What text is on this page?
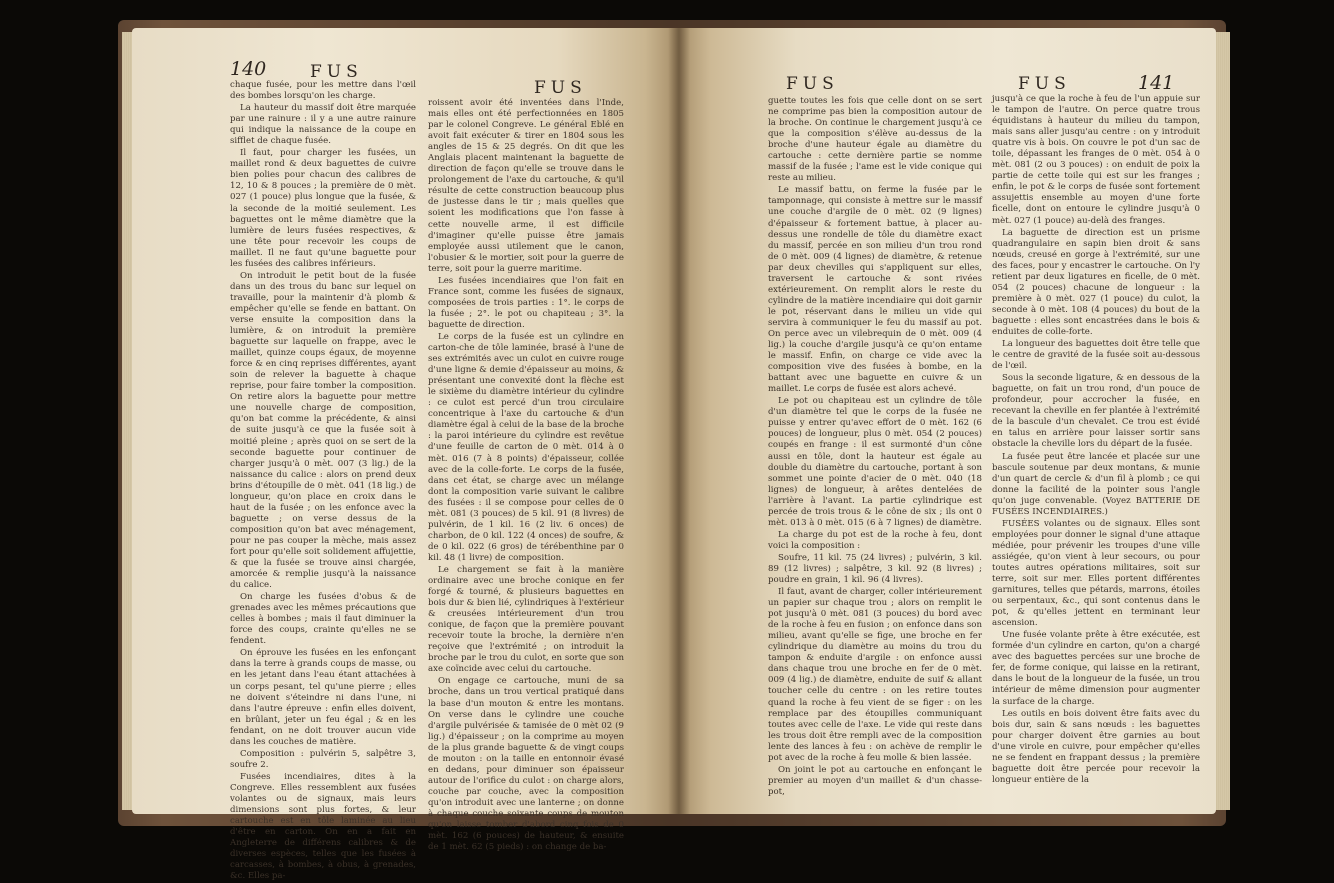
140	FUS
FUS

chaque fusée, pour les mettre dans l'œil des bombes lorsqu'on les charge.

La hauteur du massif doit être marquée par une rainure : il y a une autre rainure qui indique la naissance de la coupe en sifflet de chaque fusée.

Il faut, pour charger les fusées, un maillet rond & deux baguettes de cuivre bien polies pour chacun des calibres de 12, 10 & 8 pouces ; la première de 0 mèt. 027 (1 pouce) plus longue que la fusée, & la seconde de la moitié seulement. Les baguettes ont le même diamètre que la lumière de leurs fusées respectives, & une tête pour recevoir les coups de maillet. Il ne faut qu'une baguette pour les fusées des calibres inférieurs.

On introduit le petit bout de la fusée dans un des trous du banc sur lequel on travaille, pour la maintenir d'à plomb & empêcher qu'elle se fende en battant. On verse ensuite la composition dans la lumière, & on introduit la première baguette sur laquelle on frappe, avec le maillet, quinze coups égaux, de moyenne force & en cinq reprises différentes, ayant soin de relever la baguette à chaque reprise, pour faire tomber la composition. On retire alors la baguette pour mettre une nouvelle charge de composition, qu'on bat comme la précédente, & ainsi de suite jusqu'à ce que la fusée soit à moitié pleine ; après quoi on se sert de la seconde baguette pour continuer de charger jusqu'à 0 mèt. 007 (3 lig.) de la naissance du calice : alors on prend deux brins d'étoupille de 0 mèt. 041 (18 lig.) de longueur, qu'on place en croix dans le haut de la fusée ; on les enfonce avec la baguette ; on verse dessus de la composition qu'on bat avec ménagement, pour ne pas couper la mèche, mais assez fort pour qu'elle soit solidement affujettie, & que la fusée se trouve ainsi chargée, amorcée & remplie jusqu'à la naissance du calice.

On charge les fusées d'obus & de grenades avec les mêmes précautions que celles à bombes ; mais il faut diminuer la force des coups, crainte qu'elles ne se fendent.

On éprouve les fusées en les enfonçant dans la terre à grands coups de masse, ou en les jetant dans l'eau étant attachées à un corps pesant, tel qu'une pierre ; elles ne doivent s'éteindre ni dans l'une, ni dans l'autre épreuve : enfin elles doivent, en brûlant, jeter un feu égal ; & en les fendant, on ne doit trouver aucun vide dans les couches de matière.

Composition : pulvérin 5, salpêtre 3, soufre 2.

Fusées incendiaires, dites à la Congreve. Elles ressemblent aux fusées volantes ou de signaux, mais leurs dimensions sont plus fortes, & leur cartouche est en tôle laminée au lieu d'être en carton. On en a fait en Angleterre de différens calibres & de diverses espèces, telles que les fusées à carcasses, à bombes, à obus, à grenades, &c. Elles pa-

roissent avoir été inventées dans l'Inde, mais elles ont été perfectionnées en 1805 par le colonel Congreve. Le général Eblé en avoit fait exécuter & tirer en 1804 sous les angles de 15 & 25 degrés. On dit que les Anglais placent maintenant la baguette de direction de façon qu'elle se trouve dans le prolongement de l'axe du cartouche, & qu'il résulte de cette construction beaucoup plus de justesse dans le tir ; mais quelles que soient les modifications que l'on fasse à cette nouvelle arme, il est difficile d'imaginer qu'elle puisse être jamais employée aussi utilement que le canon, l'obusier & le mortier, soit pour la guerre de terre, soit pour la guerre maritime.

Les fusées incendiaires que l'on fait en France sont, comme les fusées de signaux, composées de trois parties : 1°. le corps de la fusée ; 2°. le pot ou chapiteau ; 3°. la baguette de direction.

Le corps de la fusée est un cylindre en carton-che de tôle laminée, brasé à l'une de ses extrémités avec un culot en cuivre rouge d'une ligne & demie d'épaisseur au moins, & présentant une convexité dont la flèche est le sixième du diamètre intérieur du cylindre : ce culot est percé d'un trou circulaire concentrique à l'axe du cartouche & d'un diamètre égal à celui de la base de la broche : la paroi intérieure du cylindre est revêtue d'une feuille de carton de 0 mèt. 014 à 0 mèt. 016 (7 à 8 points) d'épaisseur, collée avec de la colle-forte. Le corps de la fusée, dans cet état, se charge avec un mélange dont la composition varie suivant le calibre des fusées : il se compose pour celles de 0 mèt. 081 (3 pouces) de 5 kil. 91 (8 livres) de pulvérin, de 1 kil. 16 (2 liv. 6 onces) de charbon, de 0 kil. 122 (4 onces) de soufre, & de 0 kil. 022 (6 gros) de térébenthine par 0 kil. 48 (1 livre) de composition.

Le chargement se fait à la manière ordinaire avec une broche conique en fer forgé & tourné, & plusieurs baguettes en bois dur & bien lié, cylindriques à l'extérieur & creusées intérieurement d'un trou conique, de façon que la première pouvant recevoir toute la broche, la dernière n'en reçoive que l'extrémité ; on introduit la broche par le trou du culot, en sorte que son axe coïncide avec celui du cartouche.

On engage ce cartouche, muni de sa broche, dans un trou vertical pratiqué dans la base d'un mouton & entre les montans. On verse dans le cylindre une couche d'argile pulvérisée & tamisée de 0 mèt 02 (9 lig.) d'épaisseur ; on la comprime au moyen de la plus grande baguette & de vingt coups de mouton : on la taille en entonnoir évasé en dedans, pour diminuer son épaisseur autour de l'orifice du culot : on charge alors, couche par couche, avec la composition qu'on introduit avec une lanterne ; on donne à chaque couche soixante coups de mouton qu'on laisse tomber d'abord cinq fois de 0 mèt. 162 (6 pouces) de hauteur, & ensuite de 1 mèt. 62 (5 pieds) : on change de ba-

FUS	FUS	141

guette toutes les fois que celle dont on se sert ne comprime pas bien la composition autour de la broche. On continue le chargement jusqu'à ce que la composition s'élève au-dessus de la broche d'une hauteur égale au diamètre du cartouche : cette dernière partie se nomme massif de la fusée ; l'ame est le vide conique qui reste au milieu.

Le massif battu, on ferme la fusée par le tamponnage, qui consiste à mettre sur le massif une couche d'argile de 0 mèt. 02 (9 lignes) d'épaisseur & fortement battue, à placer au-dessus une rondelle de tôle du diamètre exact du massif, percée en son milieu d'un trou rond de 0 mèt. 009 (4 lignes) de diamètre, & retenue par deux chevilles qui s'appliquent sur elles, traversent le cartouche & sont rivées extérieurement. On remplit alors le reste du cylindre de la matière incendiaire qui doit garnir le pot, réservant dans le milieu un vide qui servira à communiquer le feu du massif au pot. On perce avec un vilebrequin de 0 mèt. 009 (4 lig.) la couche d'argile jusqu'à ce qu'on entame le massif. Enfin, on charge ce vide avec la composition vive des fusées à bombe, en la battant avec une baguette en cuivre & un maillet. Le corps de fusée est alors achevé.

Le pot ou chapiteau est un cylindre de tôle d'un diamètre tel que le corps de la fusée ne puisse y entrer qu'avec effort de 0 mèt. 162 (6 pouces) de longueur, plus 0 mèt. 054 (2 pouces) coupés en frange : il est surmonté d'un cône aussi en tôle, dont la hauteur est égale au double du diamètre du cartouche, portant à son sommet une pointe d'acier de 0 mèt. 040 (18 lignes) de longueur, à arêtes dentelées de l'arrière à l'avant. La partie cylindrique est percée de trois trous & le cône de six ; ils ont 0 mèt. 013 à 0 mèt. 015 (6 à 7 lignes) de diamètre.

La charge du pot est de la roche à feu, dont voici la composition :

Soufre, 11 kil. 75 (24 livres) ; pulvérin, 3 kil. 89 (12 livres) ; salpêtre, 3 kil. 92 (8 livres) ; poudre en grain, 1 kil. 96 (4 livres).

Il faut, avant de charger, coller intérieurement un papier sur chaque trou ; alors on remplit le pot jusqu'à 0 mèt. 081 (3 pouces) du bord avec de la roche à feu en fusion ; on enfonce dans son milieu, avant qu'elle se fige, une broche en fer cylindrique du diamètre au moins du trou du tampon & enduite d'argile : on enfonce aussi dans chaque trou une broche en fer de 0 mèt. 009 (4 lig.) de diamètre, enduite de suif & allant toucher celle du centre : on les retire toutes quand la roche à feu vient de se figer : on les remplace par des étoupilles communiquant toutes avec celle de l'axe. Le vide qui reste dans les trous doit être rempli avec de la composition lente des lances à feu : on achève de remplir le pot avec de la roche à feu molle & bien lassée.

On joint le pot au cartouche en enfonçant le premier au moyen d'un maillet & d'un chasse-pot,

jusqu'à ce que la roche à feu de l'un appuie sur le tampon de l'autre. On perce quatre trous équidistans à hauteur du milieu du tampon, mais sans aller jusqu'au centre : on y introduit quatre vis à bois. On couvre le pot d'un sac de toile, dépassant les franges de 0 mèt. 054 à 0 mèt. 081 (2 ou 3 pouces) : on enduit de poix la partie de cette toile qui est sur les franges ; enfin, le pot & le corps de fusée sont fortement assujettis ensemble au moyen d'une forte ficelle, dont on entoure le cylindre jusqu'à 0 mèt. 027 (1 pouce) au-delà des franges.

La baguette de direction est un prisme quadrangulaire en sapin bien droit & sans nœuds, creusé en gorge à l'extrémité, sur une des faces, pour y encastrer le cartouche. On l'y retient par deux ligatures en ficelle, de 0 mèt. 054 (2 pouces) chacune de longueur : la première à 0 mèt. 027 (1 pouce) du culot, la seconde à 0 mèt. 108 (4 pouces) du bout de la baguette : elles sont encastrées dans le bois & enduites de colle-forte.

La longueur des baguettes doit être telle que le centre de gravité de la fusée soit au-dessous de l'œil.

Sous la seconde ligature, & en dessous de la baguette, on fait un trou rond, d'un pouce de profondeur, pour accrocher la fusée, en recevant la cheville en fer plantée à l'extrémité de la bascule d'un chevalet. Ce trou est évidé en talus en arrière pour laisser sortir sans obstacle la cheville lors du départ de la fusée.

La fusée peut être lancée et placée sur une bascule soutenue par deux montans, & munie d'un quart de cercle & d'un fil à plomb ; ce qui donne la facilité de la pointer sous l'angle qu'on juge convenable. (Voyez BATTERIE DE FUSÉES INCENDIAIRES.)

FUSÉES volantes ou de signaux. Elles sont employées pour donner le signal d'une attaque médiée, pour prévenir les troupes d'une ville assiégée, qu'on vient à leur secours, ou pour toutes autres opérations militaires, soit sur terre, soit sur mer. Elles portent différentes garnitures, telles que pétards, marrons, étoiles ou serpentaux, &c., qui sont contenus dans le pot, & qu'elles jettent en terminant leur ascension.

Une fusée volante prête à être exécutée, est formée d'un cylindre en carton, qu'on a chargé avec des baguettes percées sur une broche de fer, de forme conique, qui laisse en la retirant, dans le bout de la longueur de la fusée, un trou intérieur de même dimension pour augmenter la surface de la charge.

Les outils en bois doivent être faits avec du bois dur, sain & sans nœuds : les baguettes pour charger doivent être garnies au bout d'une virole en cuivre, pour empêcher qu'elles ne se fendent en frappant dessus ; la première baguette doit être percée pour recevoir la longueur entière de la
